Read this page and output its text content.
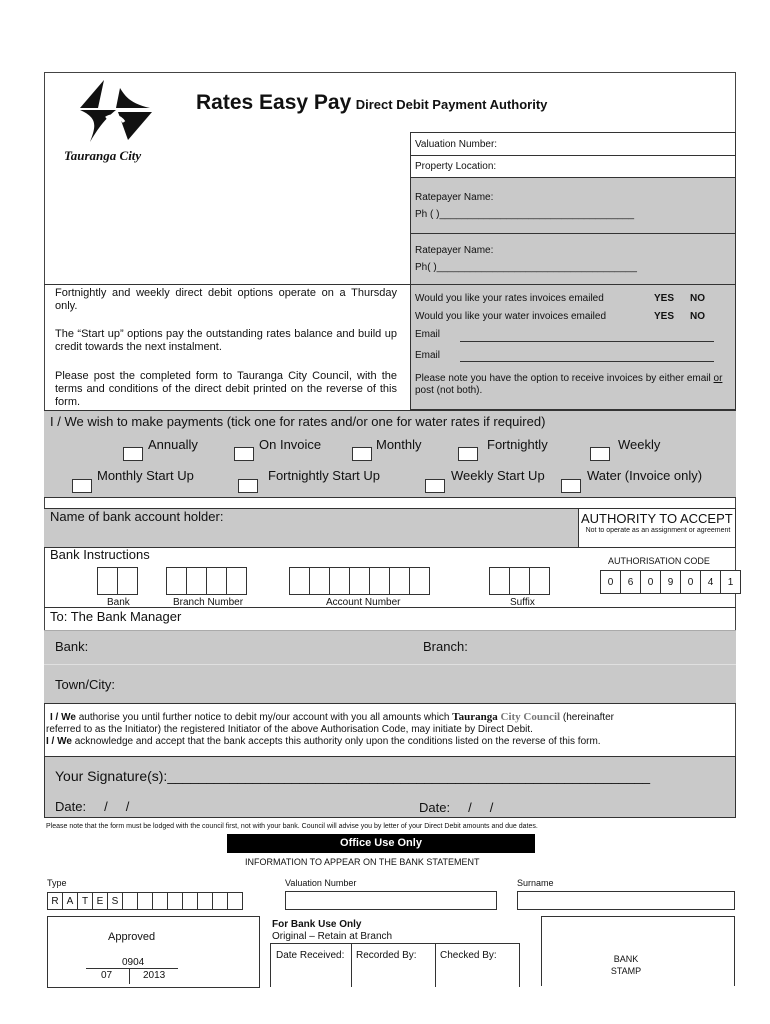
Tauranga City
Rates Easy Pay Direct Debit Payment Authority
Valuation Number:
Property Location:
Ratepayer Name:
Ph ( )___________________________________
Ratepayer Name:
Ph( )____________________________________
Fortnightly and weekly direct debit options operate on a Thursday only.
The “Start up” options pay the outstanding rates balance and build up credit towards the next instalment.
Please post the completed form to Tauranga City Council, with the terms and conditions of the direct debit printed on the reverse of this form.
Would you like your rates invoices emailed	YES NO
Would you like your water invoices emailed	YES NO
Email
Email
Please note you have the option to receive invoices by either email or post (not both).
I / We wish to make payments (tick one for rates and/or one for water rates if required)
Annually	On Invoice	Monthly	Fortnightly	Weekly
Monthly Start Up	Fortnightly Start Up	Weekly Start Up	Water (Invoice only)
Name of bank account holder:	AUTHORITY TO ACCEPT
Not to operate as an assignment or agreement
Bank Instructions	AUTHORISATION CODE
0	6	0	9	0	4	1
Bank	Branch Number	Account Number	Suffix
To: The Bank Manager
Bank:	Branch:
Town/City:
I / We authorise you until further notice to debit my/our account with you all amounts which Tauranga City Council (hereinafter
referred to as the Initiator) the registered Initiator of the above Authorisation Code, may initiate by Direct Debit.
I / We acknowledge and accept that the bank accepts this authority only upon the conditions listed on the reverse of this form.
Your Signature(s):______________________________________________________________
Date:     /     /	Date:     /     /
Please note that the form must be lodged with the council first, not with your bank. Council will advise you by letter of your Direct Debit amounts and due dates.
Office Use Only
INFORMATION TO APPEAR ON THE BANK STATEMENT
Type
R A T E S
Valuation Number	Surname
Approved
0904
07	2013
For Bank Use Only
Original – Retain at Branch
Date Received: Recorded By:	Checked By:	BANK STAMP
